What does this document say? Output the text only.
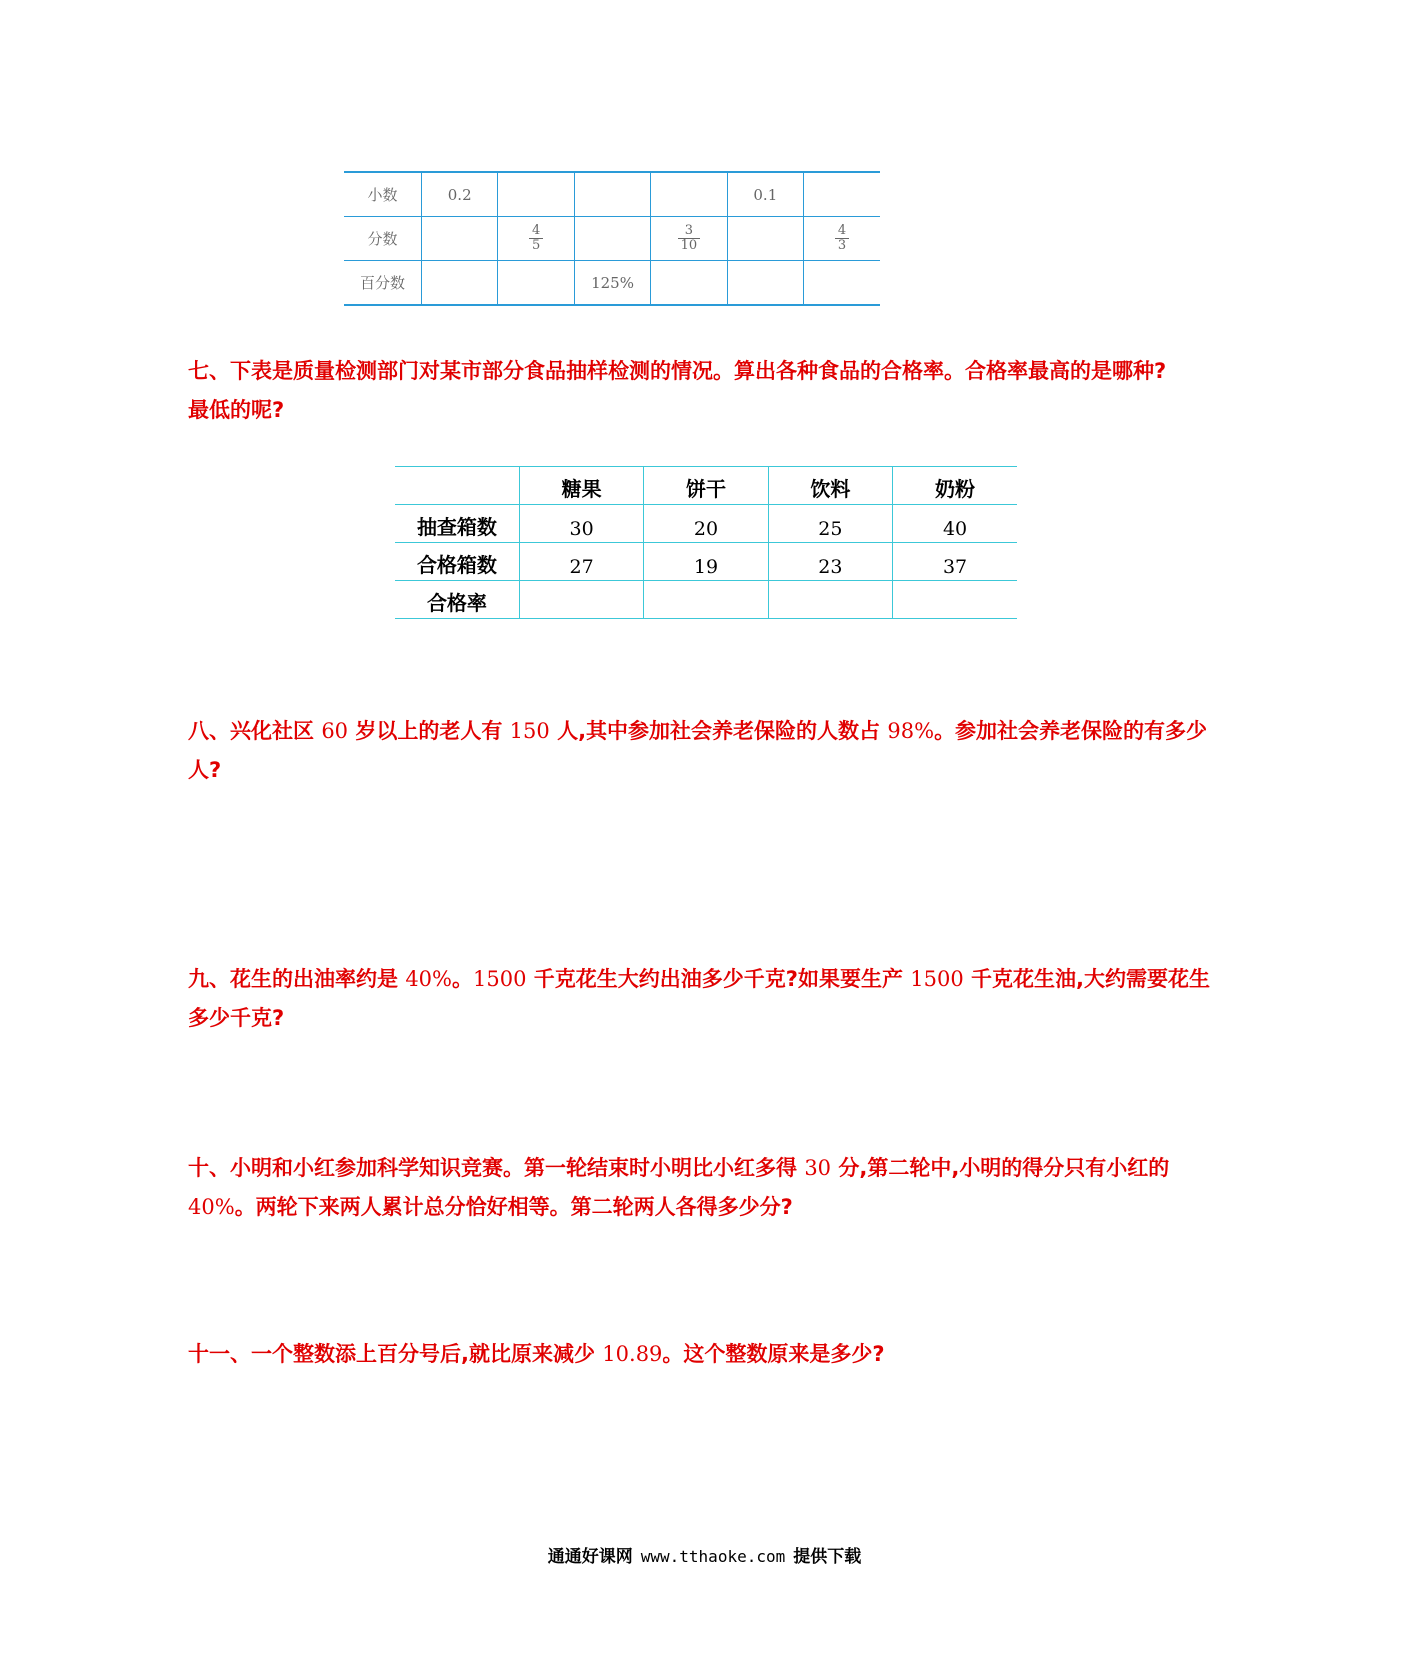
小数	0.2				0.1	
分数		$\frac{4}{5}$		$\frac{3}{10}$		$\frac{4}{3}$

百分数			125%			
七、下表是质量检测部门对某市部分食品抽样检测的情况。算出各种食品的合格率。合格率最高的是哪种?
最低的呢?
	糖果	饼干	饮料	奶粉
抽查箱数	30	20	25	40
合格箱数	27	19	23	37
合格率				
八、兴化社区 60 岁以上的老人有 150 人,其中参加社会养老保险的人数占 98%。参加社会养老保险的有多少
人?
九、花生的出油率约是 40%。1500 千克花生大约出油多少千克?如果要生产 1500 千克花生油,大约需要花生
多少千克?
十、小明和小红参加科学知识竞赛。第一轮结束时小明比小红多得 30 分,第二轮中,小明的得分只有小红的
40%。两轮下来两人累计总分恰好相等。第二轮两人各得多少分?
十一、一个整数添上百分号后,就比原来减少 10.89。这个整数原来是多少?
通通好课网 www.tthaoke.com 提供下载
